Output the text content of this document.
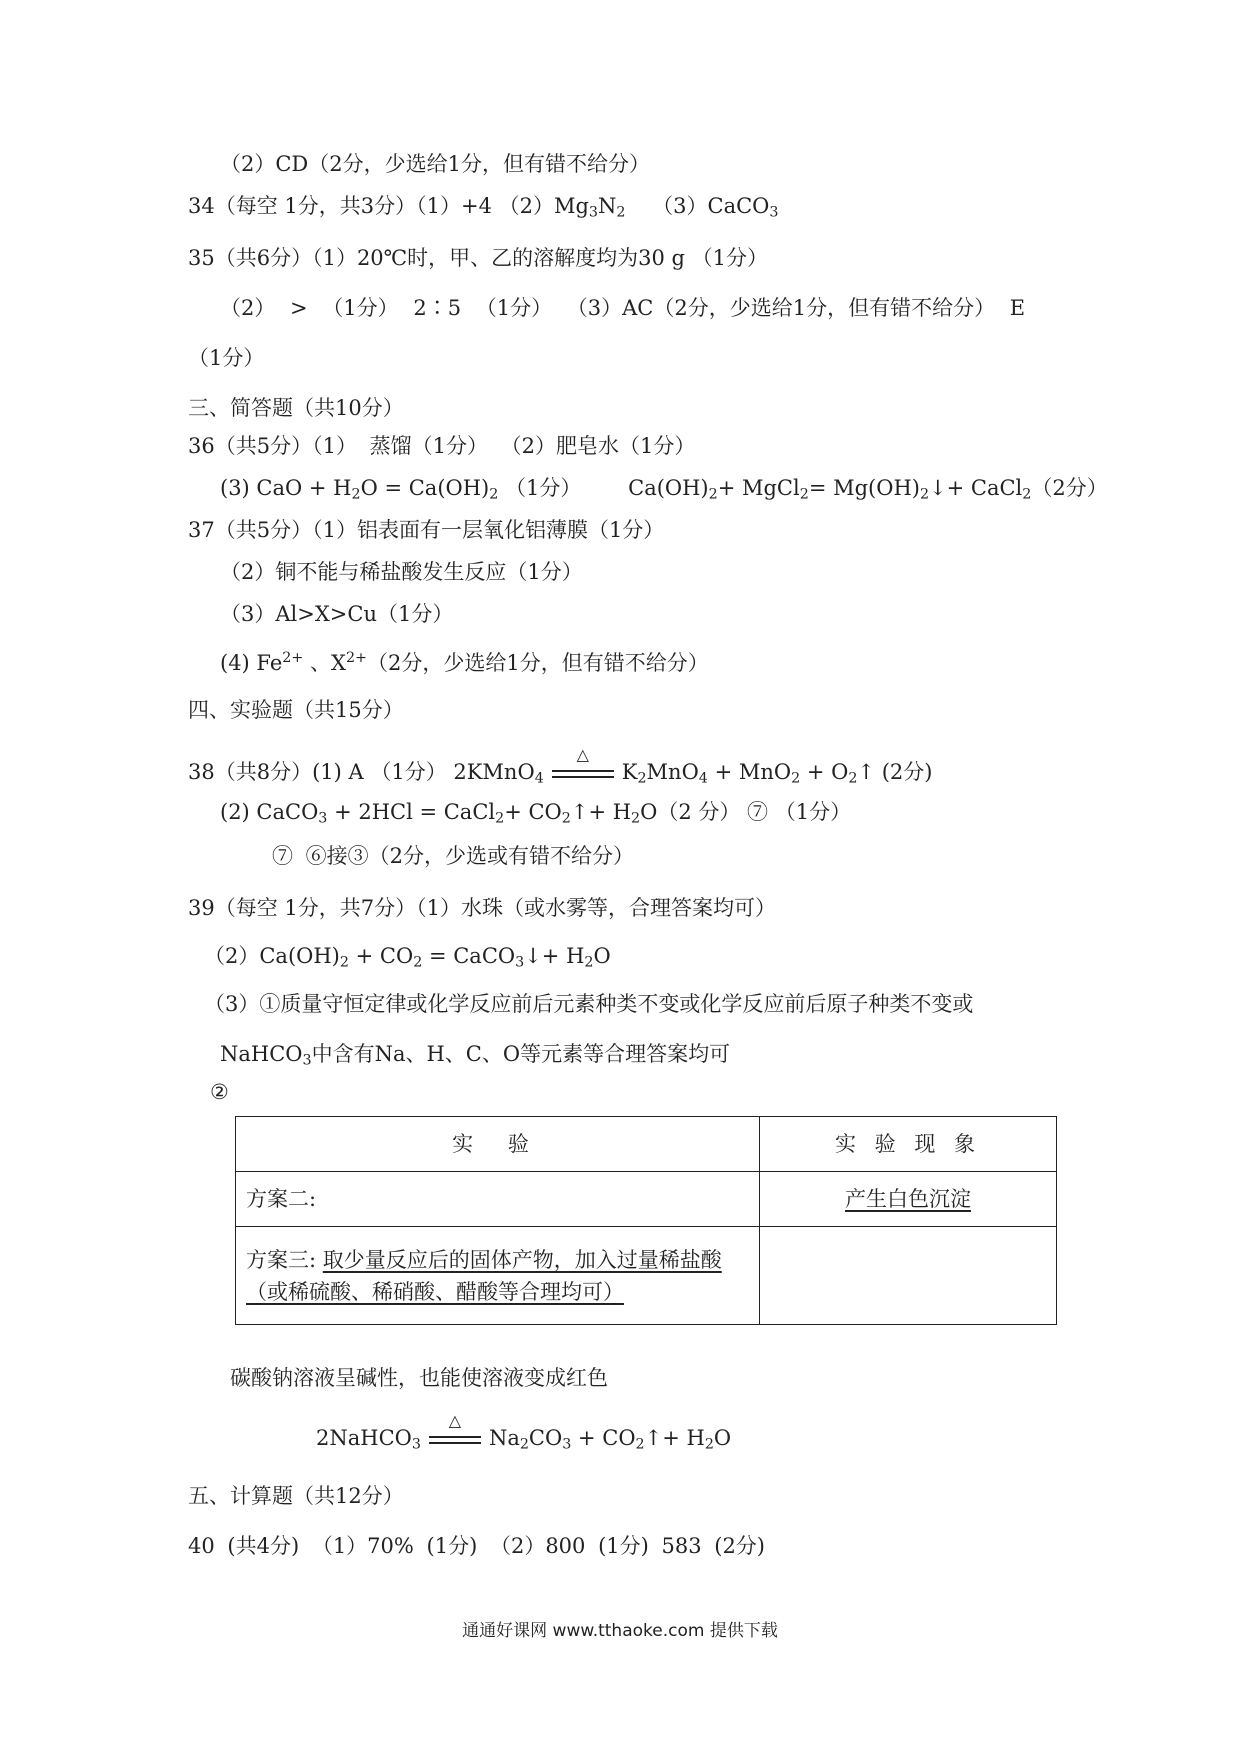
（2）CD（2分，少选给1分，但有错不给分）
34（每空 1分，共3分）（1）+4 $(2)Mg_3N_2$ （3）CaCO$_3$
35（共6分）（1）20℃时，甲、乙的溶解度均为30 g （1分）
（2） > （1分） 2∶5 （1分） （3）AC（2分，少选给1分，但有错不给分） E
（1分）
三、简答题（共10分）
36（共5分）（1） 蒸馏（1分） （2）肥皂水（1分）
(3) CaO + $H_2O = Ca(OH)_2$ （1分） $Ca(OH)_2+$ MgCl$_2$= $Mg(OH)_2↓+$ CaCl$_2$（2分）
37（共5分）（1）铝表面有一层氧化铝薄膜（1分）
（2）铜不能与稀盐酸发生反应（1分）
（3）Al>X>Cu（1分）
(4) $Fe^{2+}$ 、$X^{2+}(2$分，少选给1分，但有错不给分）
四、实验题（共15分）
38（共8分）(1) A （1分） 2KMnO$_4$
△
$K_2MnO_4 + MnO_2$ + $O_2↑$ (2分)
(2) CaCO$_3$ + 2HCl = CaCl$_2$+ $CO_2↑+ H_2O(2$ 分） ⑦ （1分）
⑦ ⑥接③（2分，少选或有错不给分）
39（每空 1分，共7分）（1）水珠（或水雾等，合理答案均可）
$(2)Ca(OH)_2 + CO_2$ = CaCO$_3$↓+ $H_2O$
（3）①质量守恒定律或化学反应前后元素种类不变或化学反应前后原子种类不变或
NaHCO$_3$中含有Na、H、C、O等元素等合理答案均可
②
实 验	实 验 现 象
方案二:	产生白色沉淀
方案三: 取少量反应后的固体产物，加入过量稀盐酸
（或稀硫酸、稀硝酸、醋酸等合理均可）	
碳酸钠溶液呈碱性，也能使溶液变成红色
2NaHCO$_3$
△
$Na_2CO_3$ + $CO_2↑+ H_2O$
五、计算题（共12分）
40 (共4分) （1）70% (1分) （2）800 (1分) 583 (2分)
通通好课网 www.tthaoke.com 提供下载
